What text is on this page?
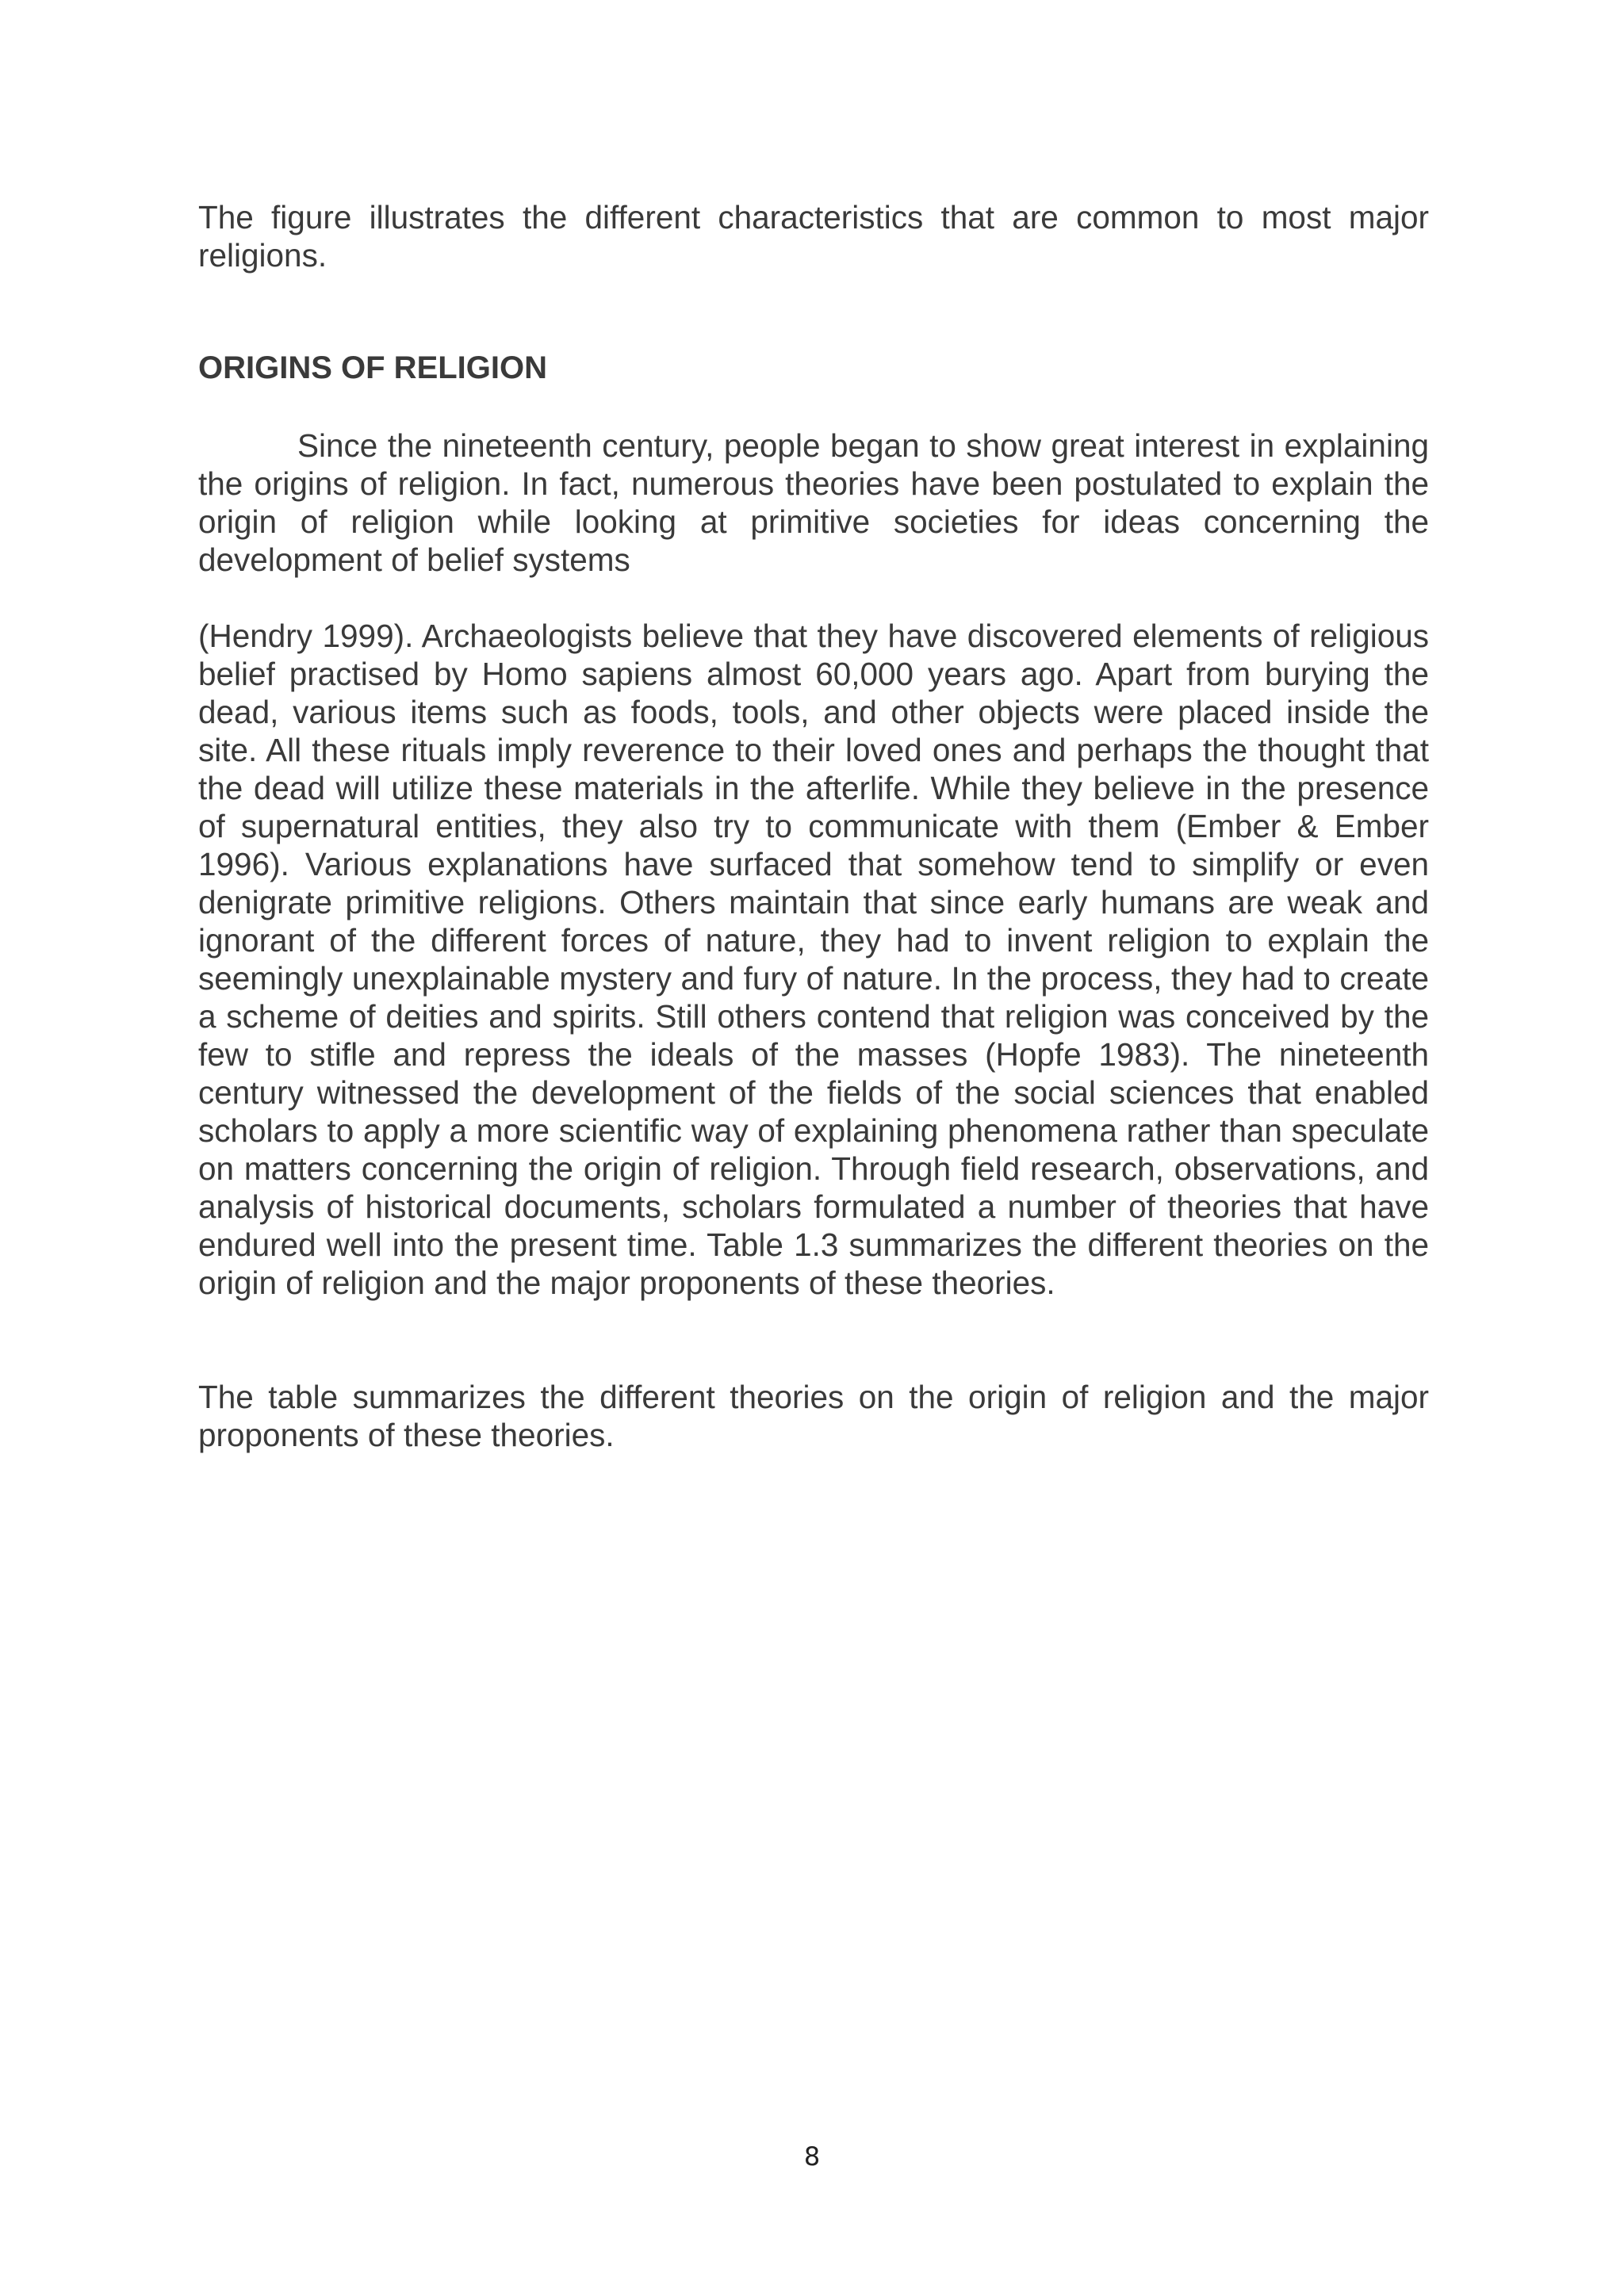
The figure illustrates the different characteristics that are common to most major religions.

ORIGINS OF RELIGION

Since the nineteenth century, people began to show great interest in explaining the origins of religion. In fact, numerous theories have been postulated to explain the origin of religion while looking at primitive societies for ideas concerning the development of belief systems

(Hendry 1999). Archaeologists believe that they have discovered elements of religious belief practised by Homo sapiens almost 60,000 years ago. Apart from burying the dead, various items such as foods, tools, and other objects were placed inside the site. All these rituals imply reverence to their loved ones and perhaps the thought that the dead will utilize these materials in the afterlife. While they believe in the presence of supernatural entities, they also try to communicate with them (Ember & Ember 1996). Various explanations have surfaced that somehow tend to simplify or even denigrate primitive religions. Others maintain that since early humans are weak and ignorant of the different forces of nature, they had to invent religion to explain the seemingly unexplainable mystery and fury of nature. In the process, they had to create a scheme of deities and spirits. Still others contend that religion was conceived by the few to stifle and repress the ideals of the masses (Hopfe 1983). The nineteenth century witnessed the development of the fields of the social sciences that enabled scholars to apply a more scientific way of explaining phenomena rather than speculate on matters concerning the origin of religion. Through field research, observations, and analysis of historical documents, scholars formulated a number of theories that have endured well into the present time. Table 1.3 summarizes the different theories on the origin of religion and the major proponents of these theories.

The table summarizes the different theories on the origin of religion and the major proponents of these theories.

8
